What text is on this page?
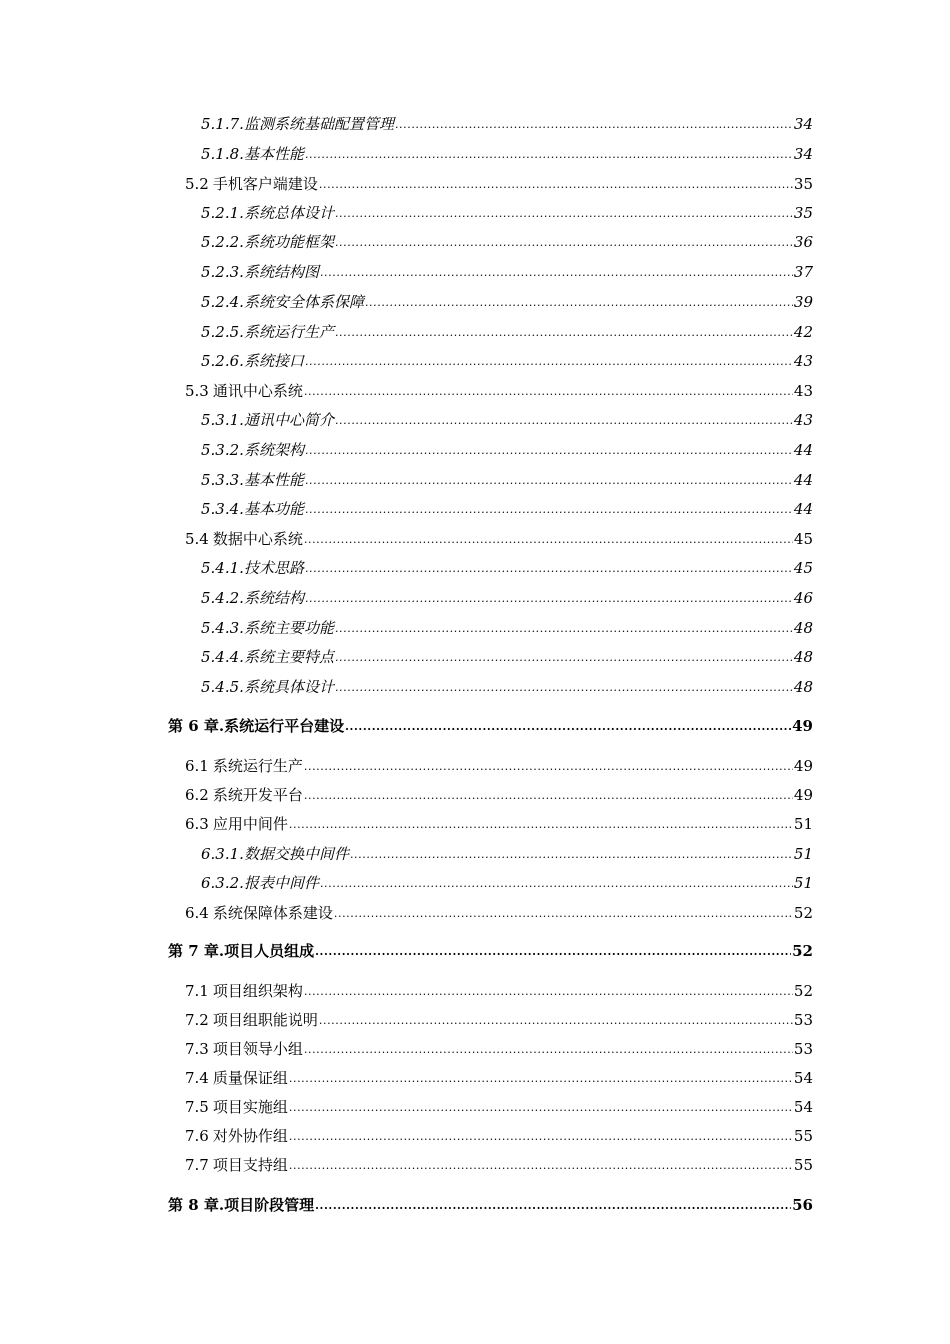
5.1.7. 监测系统基础配置管理 .....	34
5.1.8. 基本性能 .....	34
5.2 手机客户端建设 .....	35
5.2.1. 系统总体设计 .....	35
5.2.2. 系统功能框架 .....	36
5.2.3. 系统结构图 .....	37
5.2.4. 系统安全体系保障 .....	39
5.2.5. 系统运行生产 .....	42
5.2.6. 系统接口 .....	43
5.3 通讯中心系统 .....	43
5.3.1. 通讯中心简介 .....	43
5.3.2. 系统架构 .....	44
5.3.3. 基本性能 .....	44
5.3.4. 基本功能 .....	44
5.4 数据中心系统 .....	45
5.4.1. 技术思路 .....	45
5.4.2. 系统结构 .....	46
5.4.3. 系统主要功能 .....	48
5.4.4. 系统主要特点 .....	48
5.4.5. 系统具体设计 .....	48
第 6 章. 系统运行平台建设 .....	49
6.1 系统运行生产 .....	49
6.2 系统开发平台 .....	49
6.3 应用中间件 .....	51
6.3.1. 数据交换中间件 .....	51
6.3.2. 报表中间件 .....	51
6.4 系统保障体系建设 .....	52
第 7 章. 项目人员组成 .....	52
7.1 项目组织架构 .....	52
7.2 项目组职能说明 .....	53
7.3 项目领导小组 .....	53
7.4 质量保证组 .....	54
7.5 项目实施组 .....	54
7.6 对外协作组 .....	55
7.7 项目支持组 .....	55
第 8 章. 项目阶段管理 .....	56
